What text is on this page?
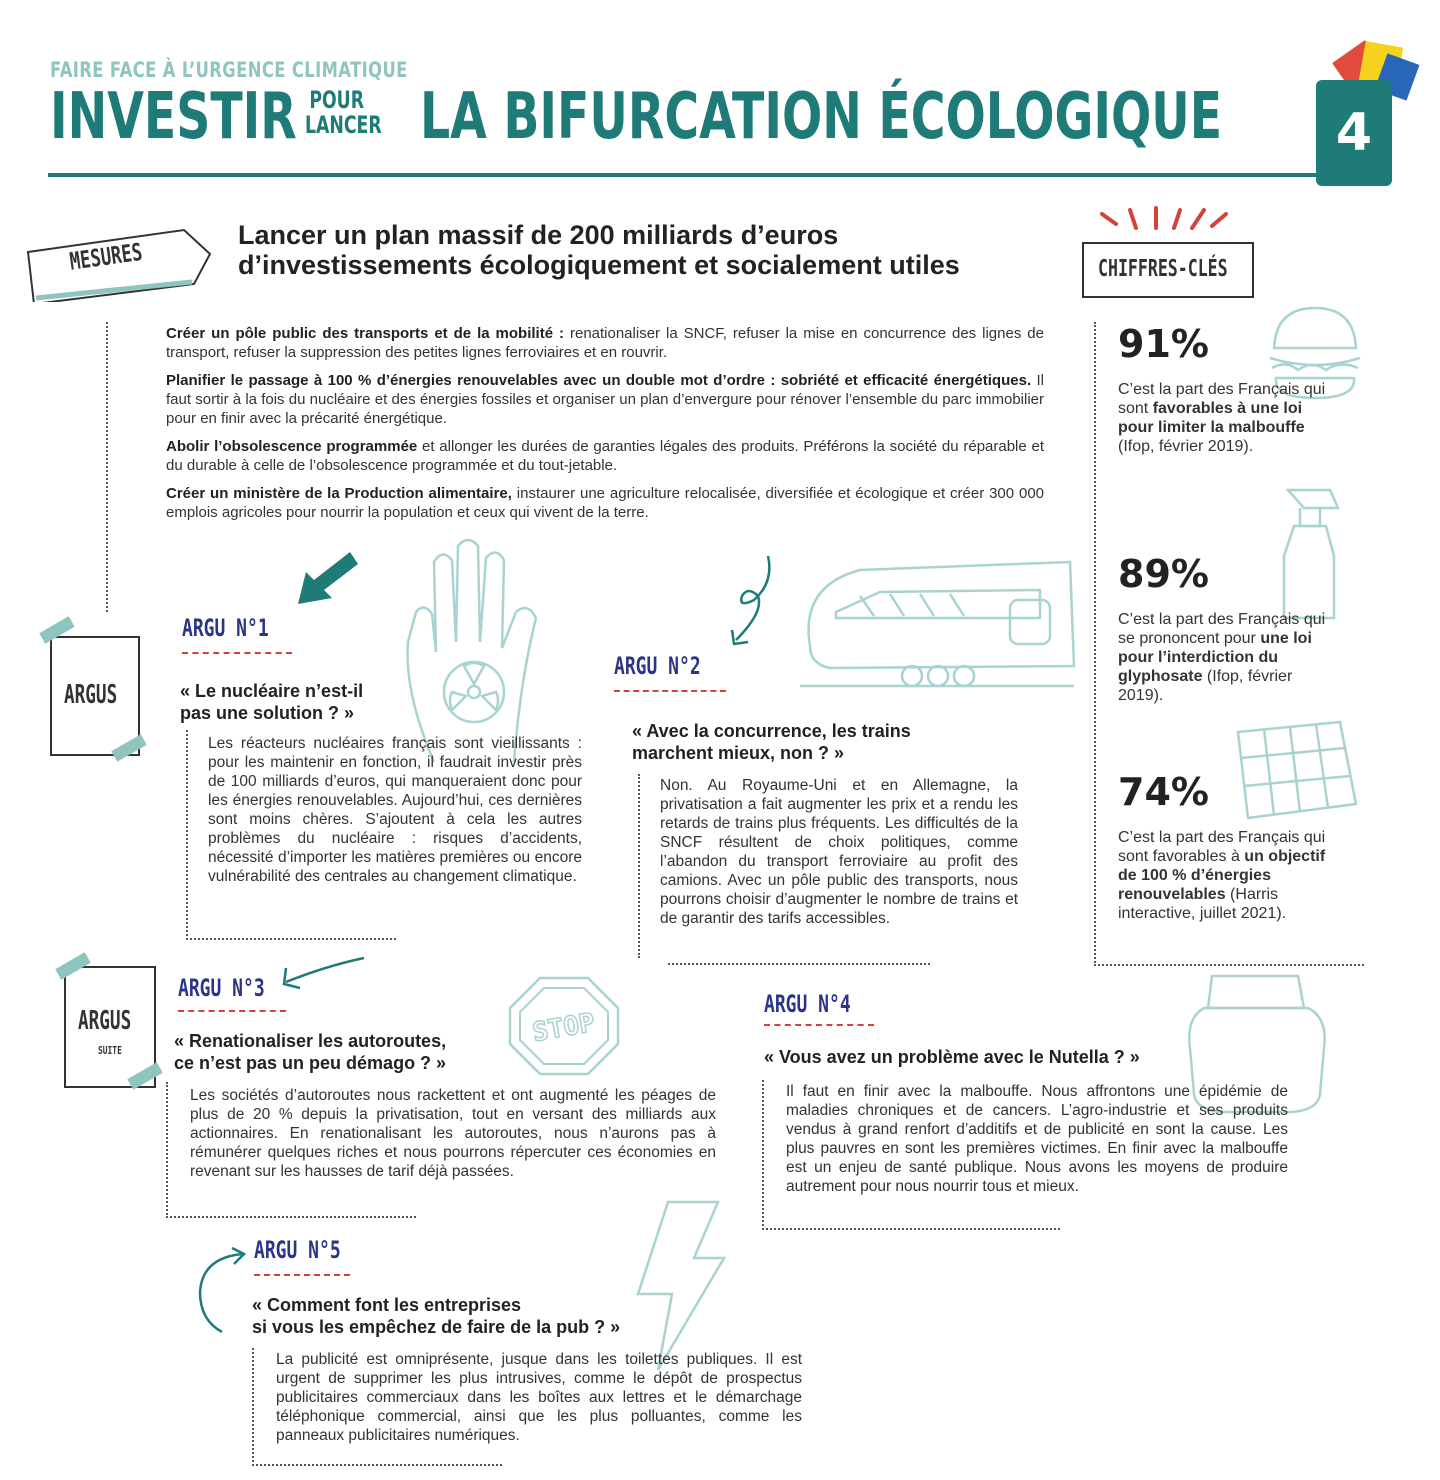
FAIRE FACE À L’URGENCE CLIMATIQUE
INVESTIR POUR
LANCER LA BIFURCATION ÉCOLOGIQUE	4
MESURES
Lancer un plan massif de 200 milliards d’euros
d’investissements écologiquement et socialement utiles

Créer un pôle public des transports et de la mobilité : renationaliser la SNCF, refuser la mise en concurrence des lignes de transport, refuser la suppression des petites lignes ferroviaires et en rouvrir.

Planifier le passage à 100 % d’énergies renouvelables avec un double mot d’ordre : sobriété et efficacité énergétiques. Il faut sortir à la fois du nucléaire et des énergies fossiles et organiser un plan d’envergure pour rénover l’ensemble du parc immobilier pour en finir avec la précarité énergétique.

Abolir l’obsolescence programmée et allonger les durées de garanties légales des produits. Préférons la société du réparable et du durable à celle de l’obsolescence programmée et du tout-jetable.

Créer un ministère de la Production alimentaire, instaurer une agriculture relocalisée, diversifiée et écologique et créer 300 000 emplois agricoles pour nourrir la population et ceux qui vivent de la terre.

CHIFFRES-CLÉS
91%
C’est la part des Français qui sont favorables à une loi pour limiter la malbouffe (Ifop, février 2019).
89%
C’est la part des Français qui se prononcent pour une loi pour l’interdiction du glyphosate (Ifop, février 2019).
74%
C’est la part des Français qui sont favorables à un objectif de 100 % d’énergies renouvelables (Harris interactive, juillet 2021).
ARGUS
ARGUS
SUITE
STOP
ARGU N°1
« Le nucléaire n’est-il
pas une solution ? »
Les réacteurs nucléaires français sont vieillissants : pour les maintenir en fonction, il faudrait investir près de 100 milliards d’euros, qui manqueraient donc pour les énergies renouvelables. Aujourd’hui, ces dernières sont moins chères. S’ajoutent à cela les autres problèmes du nucléaire : risques d’accidents, nécessité d’importer les matières premières ou encore vulnérabilité des centrales au changement climatique.
ARGU N°2
« Avec la concurrence, les trains
marchent mieux, non ? »
Non. Au Royaume-Uni et en Allemagne, la privatisation a fait augmenter les prix et a rendu les retards de trains plus fréquents. Les difficultés de la SNCF résultent de choix politiques, comme l’abandon du transport ferroviaire au profit des camions. Avec un pôle public des transports, nous pourrons choisir d’augmenter le nombre de trains et de garantir des tarifs accessibles.
ARGU N°3
« Renationaliser les autoroutes,
ce n’est pas un peu démago ? »
Les sociétés d’autoroutes nous rackettent et ont augmenté les péages de plus de 20 % depuis la privatisation, tout en versant des milliards aux actionnaires. En renationalisant les autoroutes, nous n’aurons pas à rémunérer quelques riches et nous pourrons répercuter ces économies en revenant sur les hausses de tarif déjà passées.
ARGU N°4
« Vous avez un problème avec le Nutella ? »
Il faut en finir avec la malbouffe. Nous affrontons une épidémie de maladies chroniques et de cancers. L’agro-industrie et ses produits vendus à grand renfort d’additifs et de publicité en sont la cause. Les plus pauvres en sont les premières victimes. En finir avec la malbouffe est un enjeu de santé publique. Nous avons les moyens de produire autrement pour nous nourrir tous et mieux.
ARGU N°5
« Comment font les entreprises
si vous les empêchez de faire de la pub ? »
La publicité est omniprésente, jusque dans les toilettes publiques. Il est urgent de supprimer les plus intrusives, comme le dépôt de prospectus publicitaires commerciaux dans les boîtes aux lettres et le démarchage téléphonique commercial, ainsi que les plus polluantes, comme les panneaux publicitaires numériques.
